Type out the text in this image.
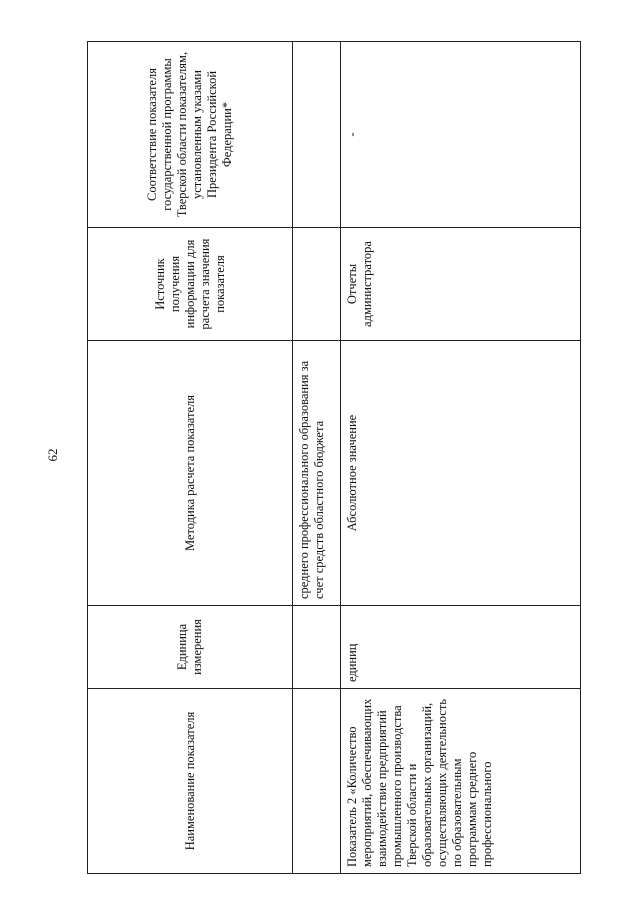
62
Наименование показателя	Единица измерения	Методика расчета показателя	Источник получения информации для расчета значения показателя	Соответствие показателя государственной программы Тверской области показателям, установленным указами Президента Российской Федерации*
		среднего профессионального образования за счет средств областного бюджета		
Показатель 2 «Количество мероприятий, обеспечивающих взаимодействие предприятий промышленного производства Тверской области и образовательных организаций, осуществляющих деятельность по образовательным программам среднего профессионального	единиц	Абсолютное значение	Отчеты администратора	-
